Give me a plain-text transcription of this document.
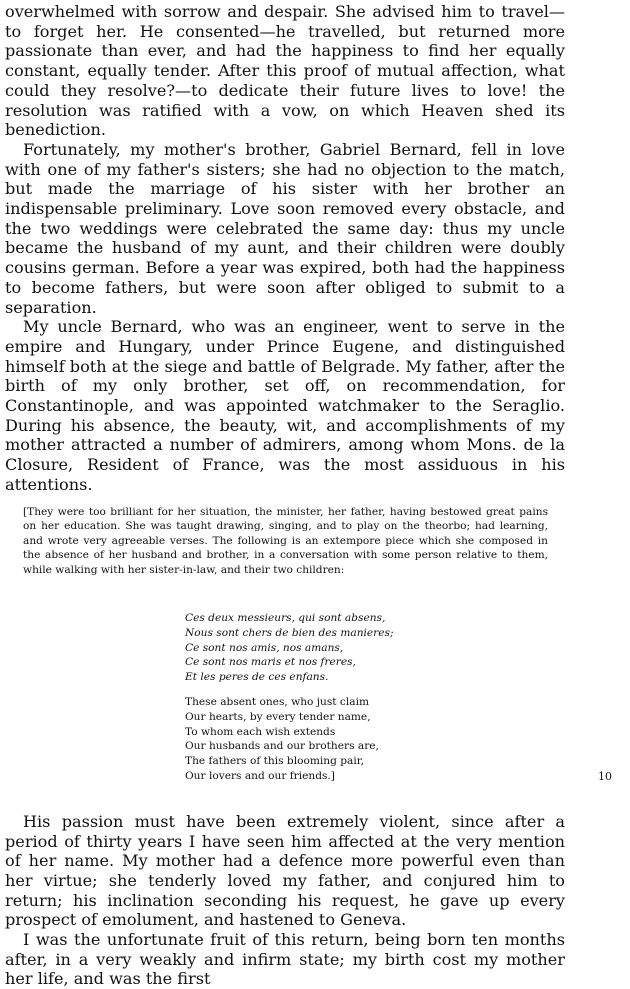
overwhelmed with sorrow and despair. She advised him to travel—to forget her. He consented—he travelled, but returned more passionate than ever, and had the happiness to find her equally constant, equally tender. After this proof of mutual affection, what could they resolve?—to dedicate their future lives to love! the resolution was ratified with a vow, on which Heaven shed its benediction.

Fortunately, my mother's brother, Gabriel Bernard, fell in love with one of my father's sisters; she had no objection to the match, but made the marriage of his sister with her brother an indispensable preliminary. Love soon removed every obstacle, and the two weddings were celebrated the same day: thus my uncle became the husband of my aunt, and their children were doubly cousins german. Before a year was expired, both had the happiness to become fathers, but were soon after obliged to submit to a separation.

My uncle Bernard, who was an engineer, went to serve in the empire and Hungary, under Prince Eugene, and distinguished himself both at the siege and battle of Belgrade. My father, after the birth of my only brother, set off, on recommendation, for Constantinople, and was appointed watchmaker to the Seraglio. During his absence, the beauty, wit, and accomplishments of my mother attracted a number of admirers, among whom Mons. de la Closure, Resident of France, was the most assiduous in his attentions.

[They were too brilliant for her situation, the minister, her father, having bestowed great pains on her education. She was taught drawing, singing, and to play on the theorbo; had learning, and wrote very agreeable verses. The following is an extempore piece which she composed in the absence of her husband and brother, in a conversation with some person relative to them, while walking with her sister-in-law, and their two children:

Ces deux messieurs, qui sont absens,
Nous sont chers de bien des manieres;
Ce sont nos amis, nos amans,
Ce sont nos maris et nos freres,
Et les peres de ces enfans.
These absent ones, who just claim
Our hearts, by every tender name,
To whom each wish extends
Our husbands and our brothers are,
The fathers of this blooming pair,
Our lovers and our friends.]

His passion must have been extremely violent, since after a period of thirty years I have seen him affected at the very mention of her name. My mother had a defence more powerful even than her virtue; she tenderly loved my father, and conjured him to return; his inclination seconding his request, he gave up every prospect of emolument, and hastened to Geneva.

I was the unfortunate fruit of this return, being born ten months after, in a very weakly and infirm state; my birth cost my mother her life, and was the first

10
